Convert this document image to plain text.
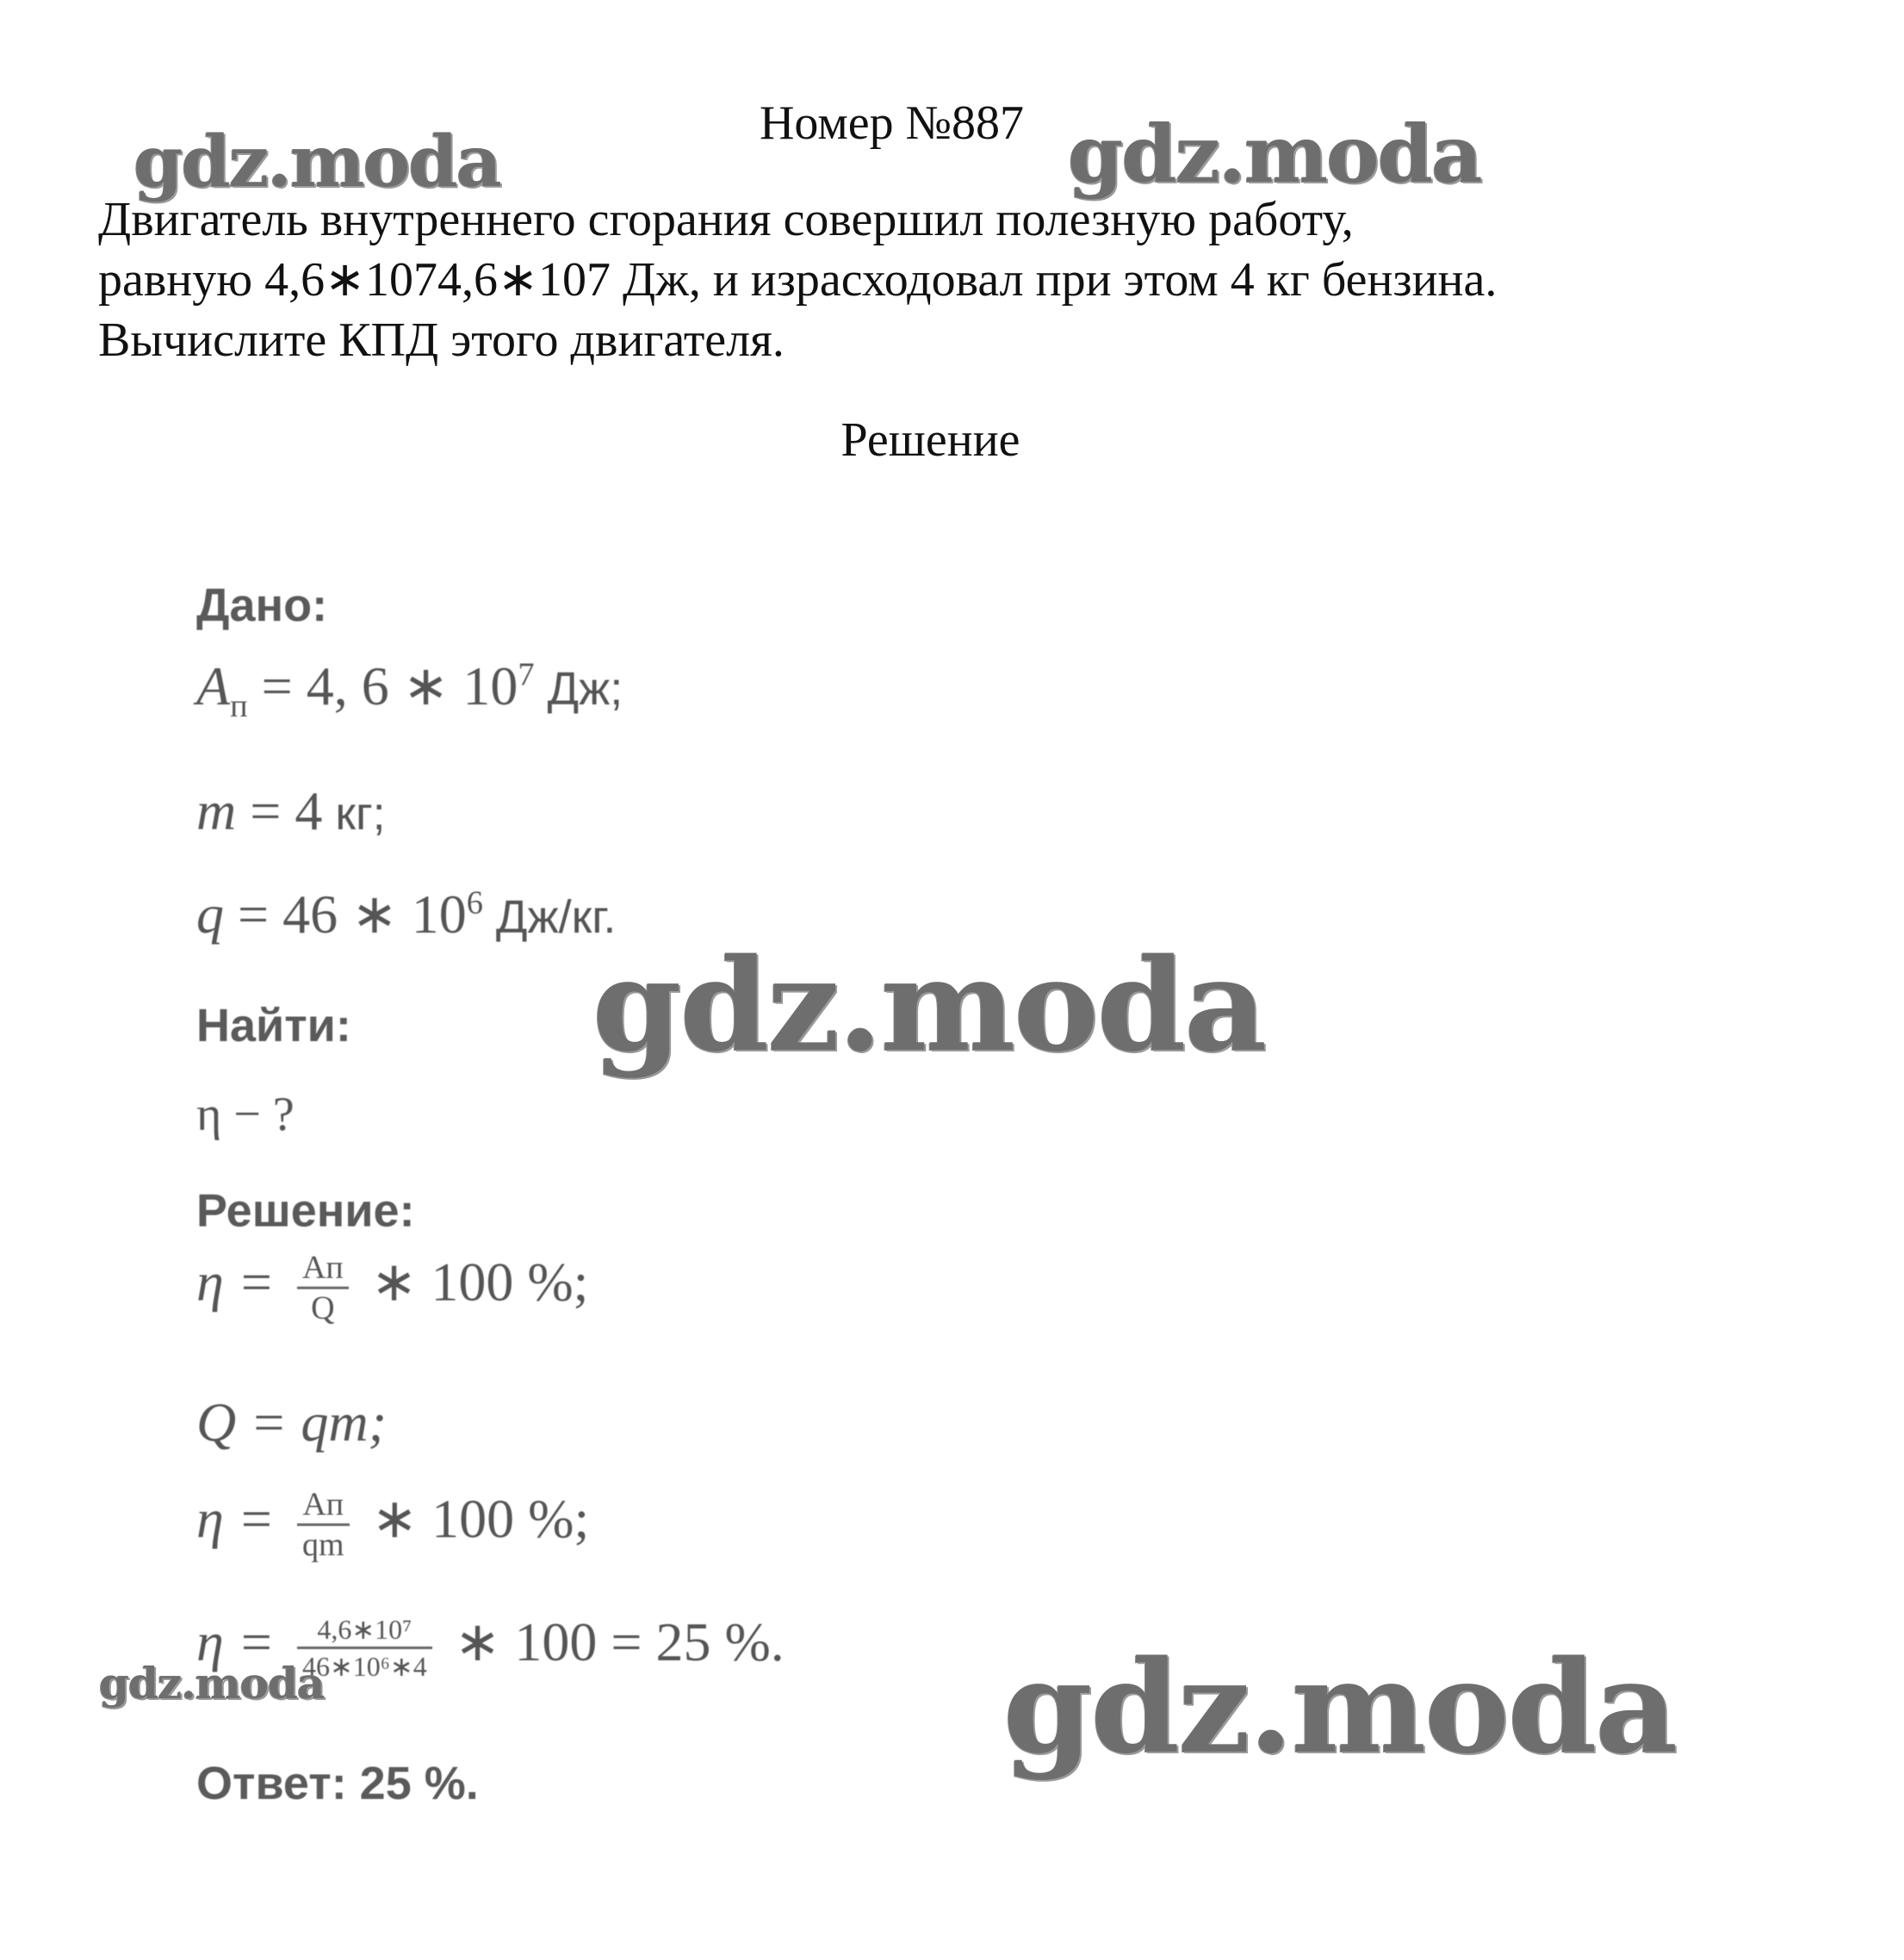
Номер №887
Двигатель внутреннего сгорания совершил полезную работу,
равную 4,6∗1074,6∗107 Дж, и израсходовал при этом 4 кг бензина.
Вычислите КПД этого двигателя.
Решение
Дано:
$A_п = 4$, 6 ∗ $10^7$ Дж;
m = 4 кг;
q = 46 ∗ $10^6$ Дж/кг.
Найти:
η − ?
Решение:
$\eta = \frac{Aп}{Q}$ ∗ 100 %;
Q = qm;
$\eta = \frac{Aп}{qm}$ ∗ 100 %;
$\eta = \frac{\text{4,6∗10⁷}}{\text{46∗10⁶∗4}}$ ∗ 100 = 25 %.
Ответ: 25 %.
gdz.moda	gdz.moda
gdz.moda
gdz.moda	gdz.moda
